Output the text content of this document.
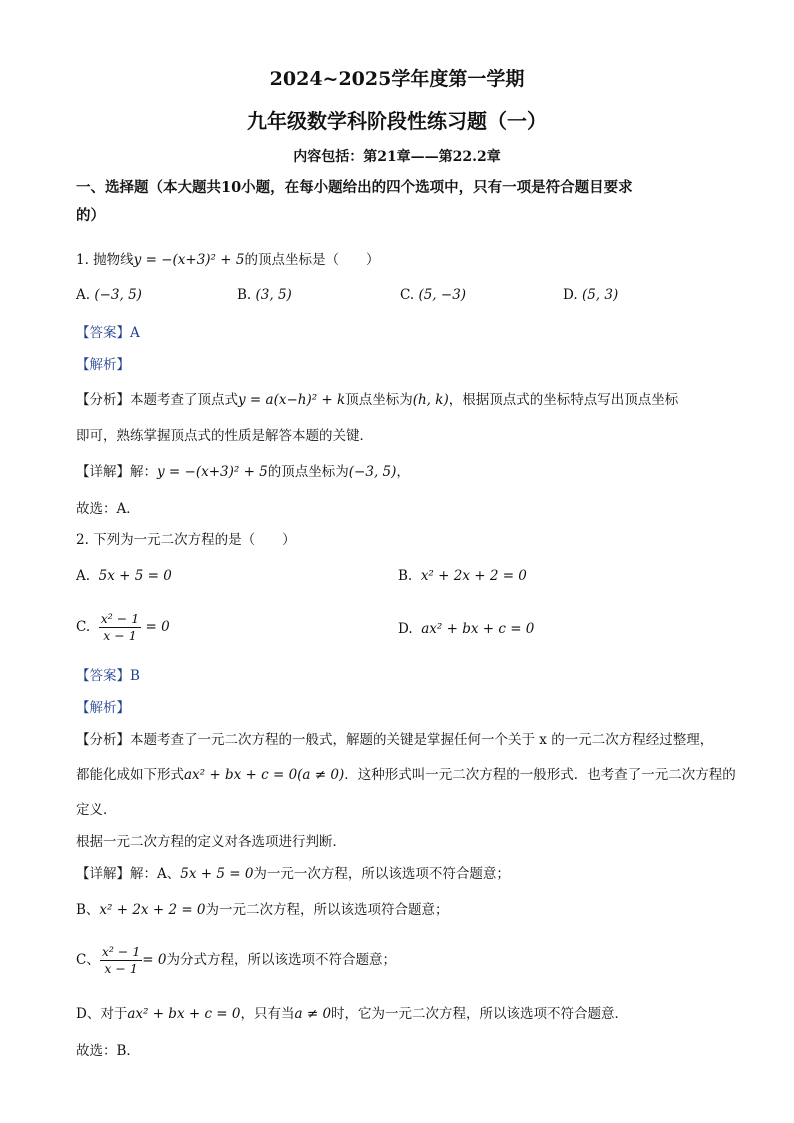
2024~2025学年度第一学期
九年级数学科阶段性练习题（一）
内容包括：第21章——第22.2章
一、选择题（本大题共10小题，在每小题给出的四个选项中，只有一项是符合题目要求
的）
1. 抛物线y = −(x+3)² + 5的顶点坐标是（　　）
A. (−3, 5)	B. (3, 5)	C. (5, −3)	D. (5, 3)
【答案】A
【解析】
【分析】本题考查了顶点式y = a(x−h)² + k顶点坐标为(h, k)，根据顶点式的坐标特点写出顶点坐标
即可，熟练掌握顶点式的性质是解答本题的关键．
【详解】解：y = −(x+3)² + 5的顶点坐标为(−3, 5)，
故选：A．
2. 下列为一元二次方程的是（　　）
A. 5x + 5 = 0	B. x² + 2x + 2 = 0
C. $\frac{\text{x² − 1}}{x - 1} = 0$	D. ax² + bx + c = 0
【答案】B
【解析】
【分析】本题考查了一元二次方程的一般式，解题的关键是掌握任何一个关于 x 的一元二次方程经过整理，
都能化成如下形式ax² + bx + c = 0(a ≠ 0)．这种形式叫一元二次方程的一般形式．也考查了一元二次方程的
定义．
根据一元二次方程的定义对各选项进行判断．
【详解】解：A、5x + 5 = 0为一元一次方程，所以该选项不符合题意；
B、x² + 2x + 2 = 0为一元二次方程，所以该选项符合题意；
C、 $\frac{\text{x² − 1}}{x - 1} = 0$为分式方程，所以该选项不符合题意；
D、对于ax² + bx + c = 0，只有当a ≠ 0时，它为一元二次方程，所以该选项不符合题意．
故选：B．
